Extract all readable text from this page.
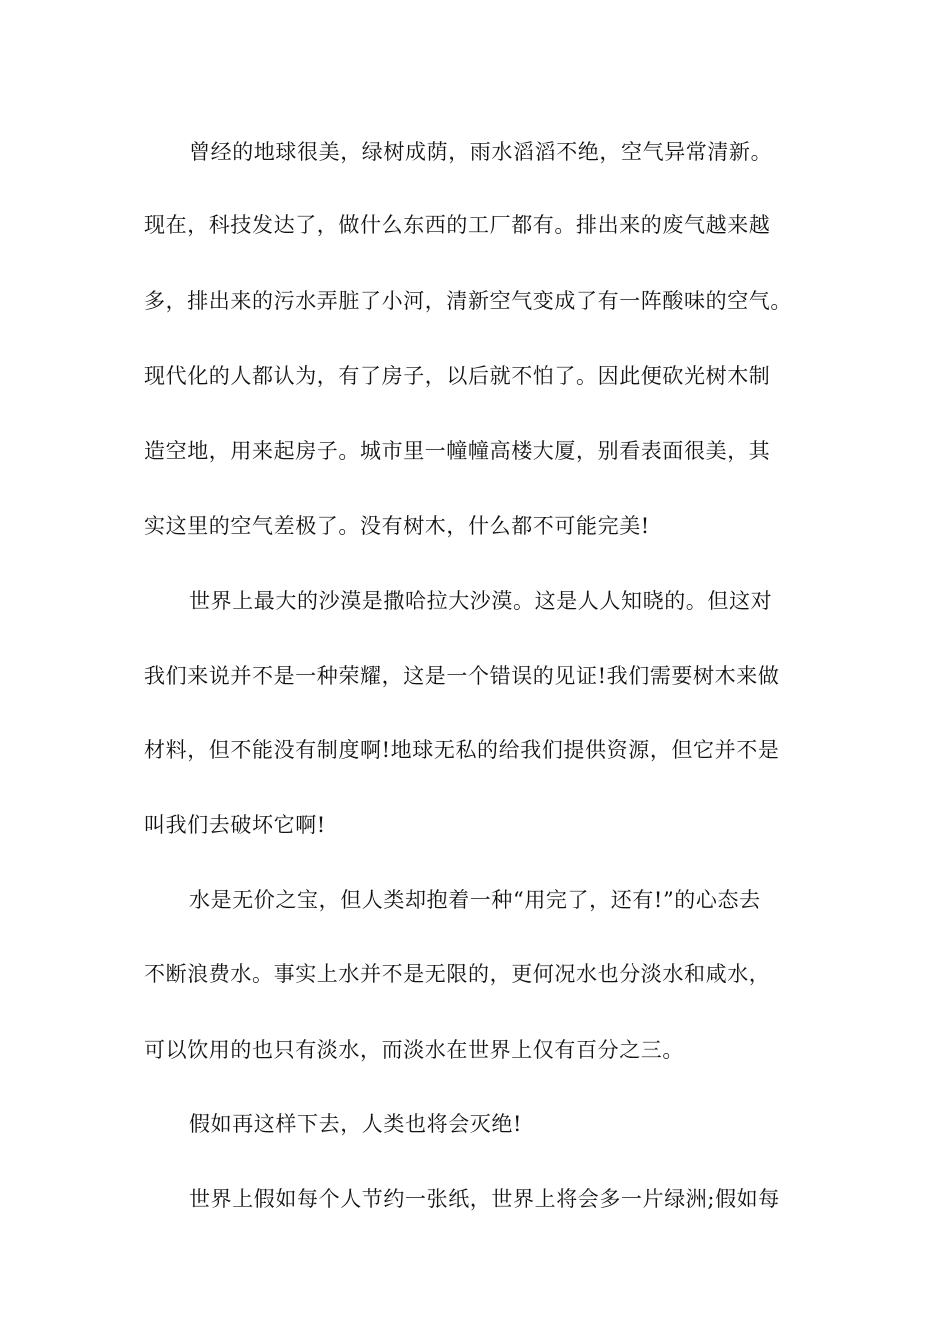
曾经的地球很美，绿树成荫，雨水滔滔不绝，空气异常清新。
现在，科技发达了，做什么东西的工厂都有。排出来的废气越来越
多，排出来的污水弄脏了小河，清新空气变成了有一阵酸味的空气。
现代化的人都认为，有了房子，以后就不怕了。因此便砍光树木制
造空地，用来起房子。城市里一幢幢高楼大厦，别看表面很美，其
实这里的空气差极了。没有树木，什么都不可能完美!
世界上最大的沙漠是撒哈拉大沙漠。这是人人知晓的。但这对
我们来说并不是一种荣耀，这是一个错误的见证!我们需要树木来做
材料，但不能没有制度啊!地球无私的给我们提供资源，但它并不是
叫我们去破坏它啊!
水是无价之宝，但人类却抱着一种“用完了，还有!”的心态去
不断浪费水。事实上水并不是无限的，更何况水也分淡水和咸水，
可以饮用的也只有淡水，而淡水在世界上仅有百分之三。
假如再这样下去，人类也将会灭绝!
世界上假如每个人节约一张纸，世界上将会多一片绿洲;假如每
